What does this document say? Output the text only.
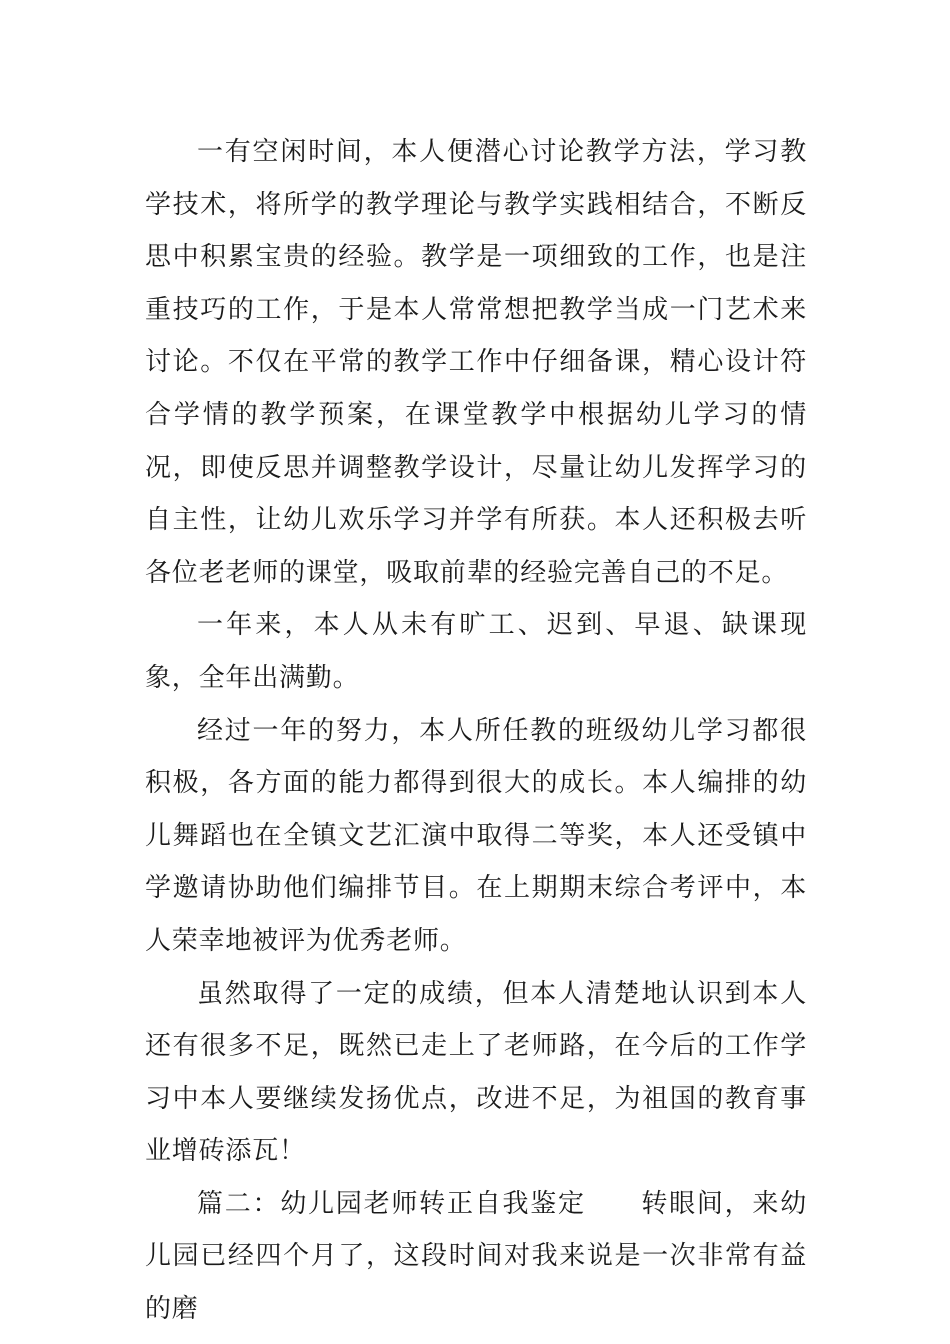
一有空闲时间，本人便潜心讨论教学方法，学习教学技术，将所学的教学理论与教学实践相结合，不断反思中积累宝贵的经验。教学是一项细致的工作，也是注重技巧的工作，于是本人常常想把教学当成一门艺术来讨论。不仅在平常的教学工作中仔细备课，精心设计符合学情的教学预案，在课堂教学中根据幼儿学习的情况，即使反思并调整教学设计，尽量让幼儿发挥学习的自主性，让幼儿欢乐学习并学有所获。本人还积极去听各位老老师的课堂，吸取前辈的经验完善自己的不足。

一年来，本人从未有旷工、迟到、早退、缺课现象，全年出满勤。

经过一年的努力，本人所任教的班级幼儿学习都很积极，各方面的能力都得到很大的成长。本人编排的幼儿舞蹈也在全镇文艺汇演中取得二等奖，本人还受镇中学邀请协助他们编排节目。在上期期末综合考评中，本人荣幸地被评为优秀老师。

虽然取得了一定的成绩，但本人清楚地认识到本人还有很多不足，既然已走上了老师路，在今后的工作学习中本人要继续发扬优点，改进不足，为祖国的教育事业增砖添瓦！

篇二：幼儿园老师转正自我鉴定　　转眼间，来幼儿园已经四个月了，这段时间对我来说是一次非常有益的磨
